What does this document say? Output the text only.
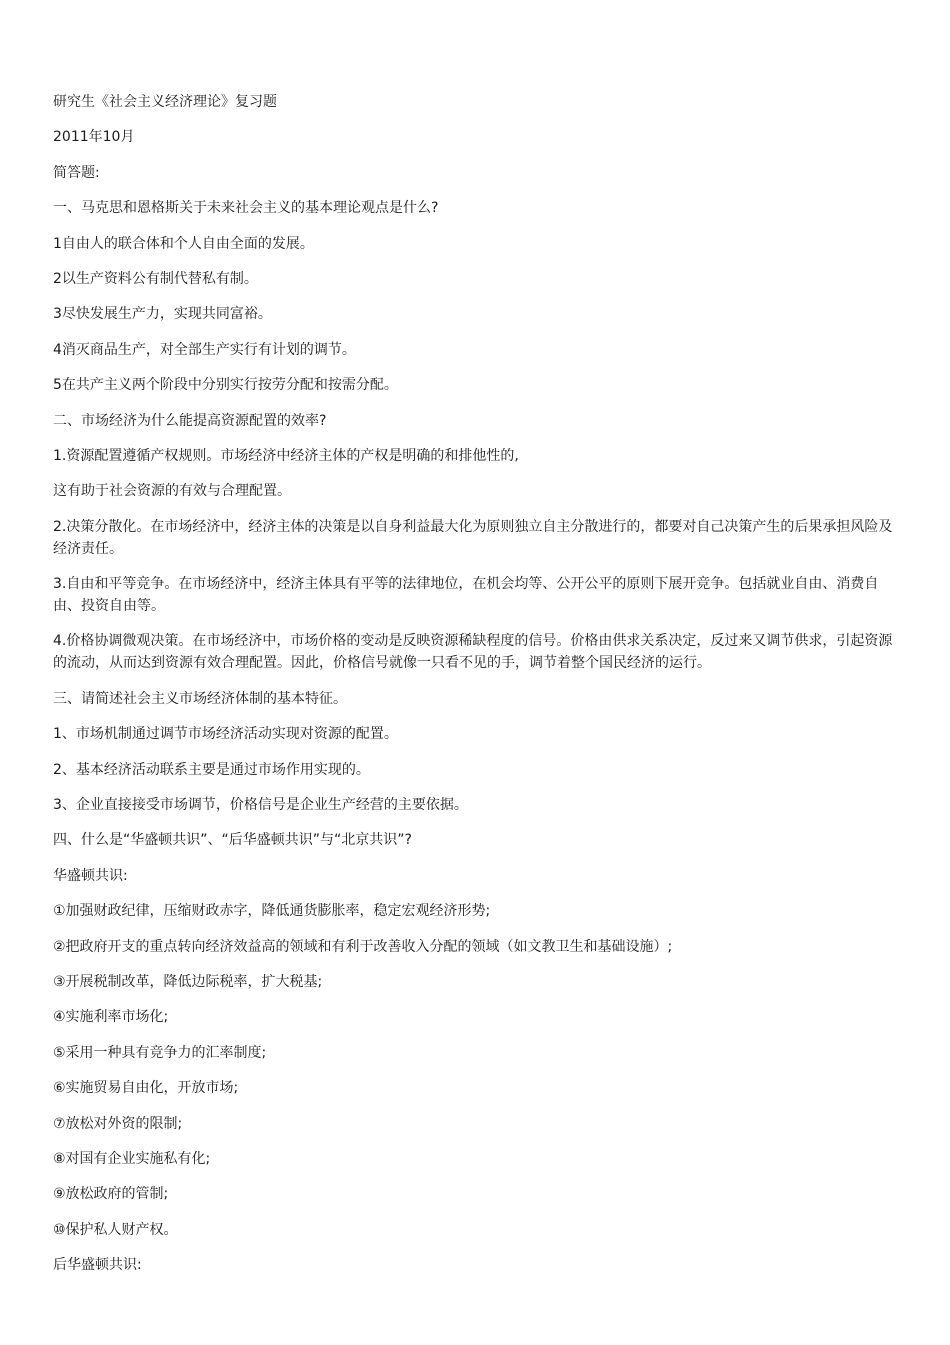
研究生《社会主义经济理论》复习题

2011年10月

简答题:

一、马克思和恩格斯关于未来社会主义的基本理论观点是什么?

1自由人的联合体和个人自由全面的发展。

2以生产资料公有制代替私有制。

3尽快发展生产力，实现共同富裕。

4消灭商品生产，对全部生产实行有计划的调节。

5在共产主义两个阶段中分别实行按劳分配和按需分配。

二、市场经济为什么能提高资源配置的效率?

1.资源配置遵循产权规则。市场经济中经济主体的产权是明确的和排他性的,

这有助于社会资源的有效与合理配置。

2.决策分散化。在市场经济中，经济主体的决策是以自身利益最大化为原则独立自主分散进行的，都要对自己决策产生的后果承担风险及经济责任。

3.自由和平等竞争。在市场经济中，经济主体具有平等的法律地位，在机会均等、公开公平的原则下展开竞争。包括就业自由、消费自由、投资自由等。

4.价格协调微观决策。在市场经济中，市场价格的变动是反映资源稀缺程度的信号。价格由供求关系决定，反过来又调节供求，引起资源的流动，从而达到资源有效合理配置。因此，价格信号就像一只看不见的手，调节着整个国民经济的运行。

三、请简述社会主义市场经济体制的基本特征。

1、市场机制通过调节市场经济活动实现对资源的配置。

2、基本经济活动联系主要是通过市场作用实现的。

3、企业直接接受市场调节，价格信号是企业生产经营的主要依据。

四、什么是“华盛顿共识”、“后华盛顿共识”与“北京共识”?

华盛顿共识:

①加强财政纪律，压缩财政赤字，降低通货膨胀率，稳定宏观经济形势;

②把政府开支的重点转向经济效益高的领域和有利于改善收入分配的领域（如文教卫生和基础设施）;

③开展税制改革，降低边际税率，扩大税基;

④实施利率市场化;

⑤采用一种具有竞争力的汇率制度;

⑥实施贸易自由化，开放市场;

⑦放松对外资的限制;

⑧对国有企业实施私有化;

⑨放松政府的管制;

⑩保护私人财产权。

后华盛顿共识:
